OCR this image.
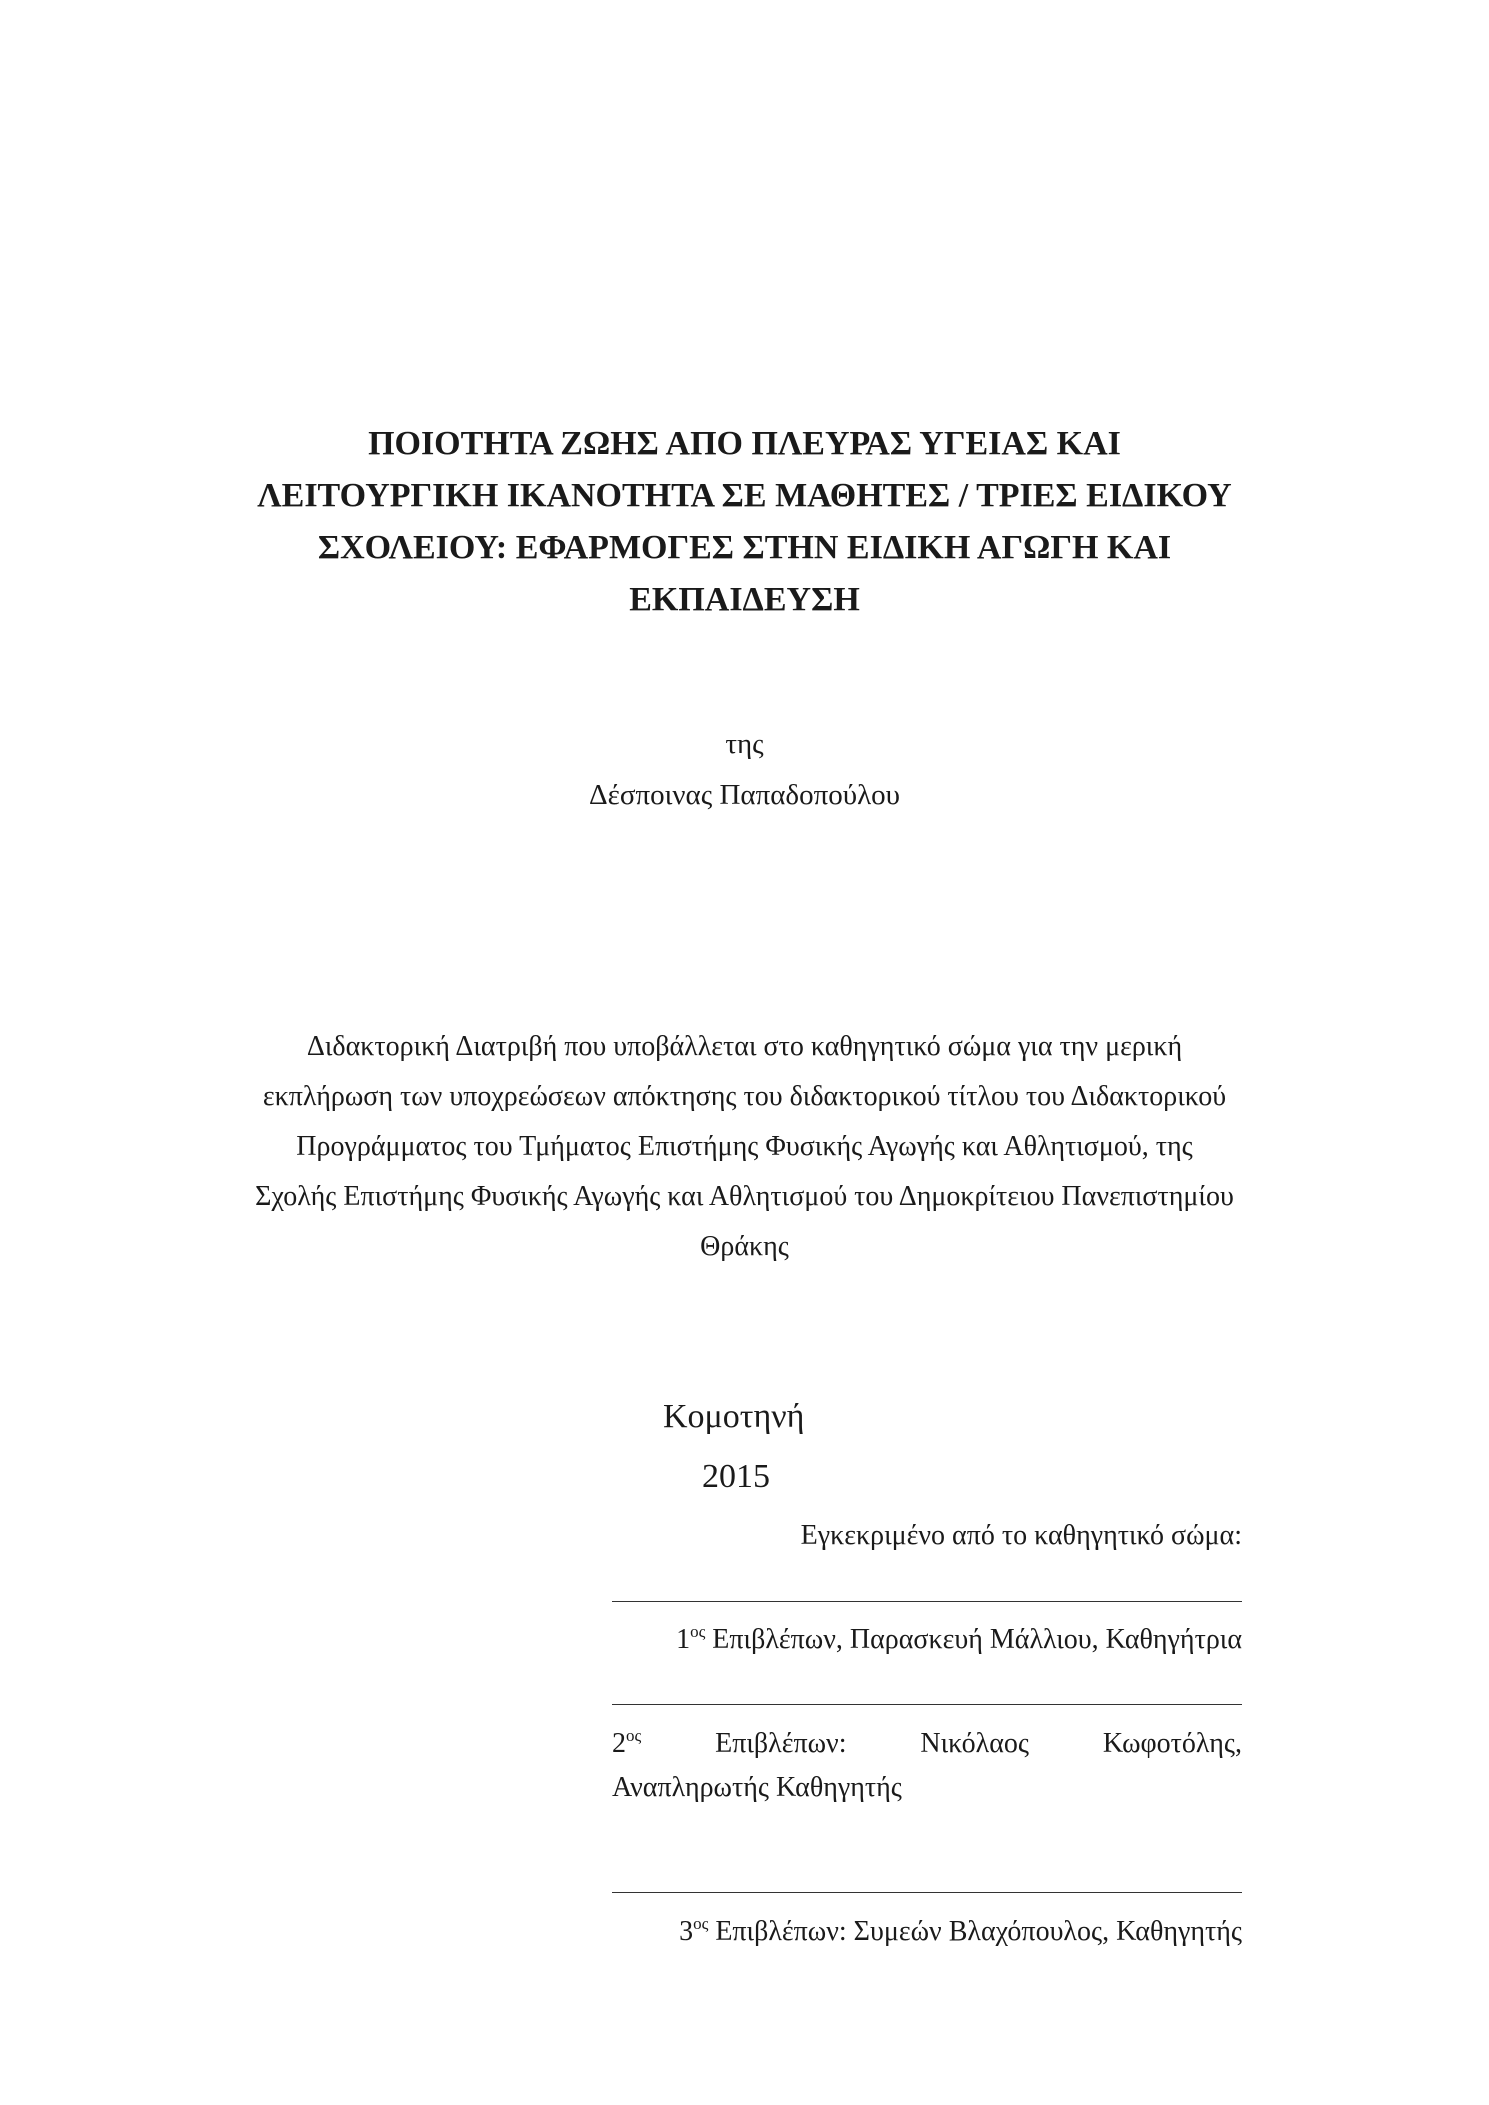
ΠΟΙΟΤΗΤΑ ΖΩΗΣ ΑΠΟ ΠΛΕΥΡΑΣ ΥΓΕΙΑΣ ΚΑΙ
ΛΕΙΤΟΥΡΓΙΚΗ ΙΚΑΝΟΤΗΤΑ ΣΕ ΜΑΘΗΤΕΣ / ΤΡΙΕΣ ΕΙΔΙΚΟΥ
ΣΧΟΛΕΙΟΥ: ΕΦΑΡΜΟΓΕΣ ΣΤΗΝ ΕΙΔΙΚΗ ΑΓΩΓΗ ΚΑΙ
ΕΚΠΑΙΔΕΥΣΗ
της
Δέσποινας Παπαδοπούλου
Διδακτορική Διατριβή που υποβάλλεται στο καθηγητικό σώμα για την μερική
εκπλήρωση των υποχρεώσεων απόκτησης του διδακτορικού τίτλου του Διδακτορικού
Προγράμματος του Τμήματος Επιστήμης Φυσικής Αγωγής και Αθλητισμού, της
Σχολής Επιστήμης Φυσικής Αγωγής και Αθλητισμού του Δημοκρίτειου Πανεπιστημίου
Θράκης
Κομοτηνή
2015
Εγκεκριμένο από το καθηγητικό σώμα:
$1^{o\varsigma}$ Επιβλέπων, Παρασκευή Μάλλιου, Καθηγήτρια
$2^{o\varsigma}$	Επιβλέπων:	Νικόλαος	Κωφοτόλης,
Αναπληρωτής Καθηγητής
$3^{o\varsigma}$ Επιβλέπων: Συμεών Βλαχόπουλος, Καθηγητής
